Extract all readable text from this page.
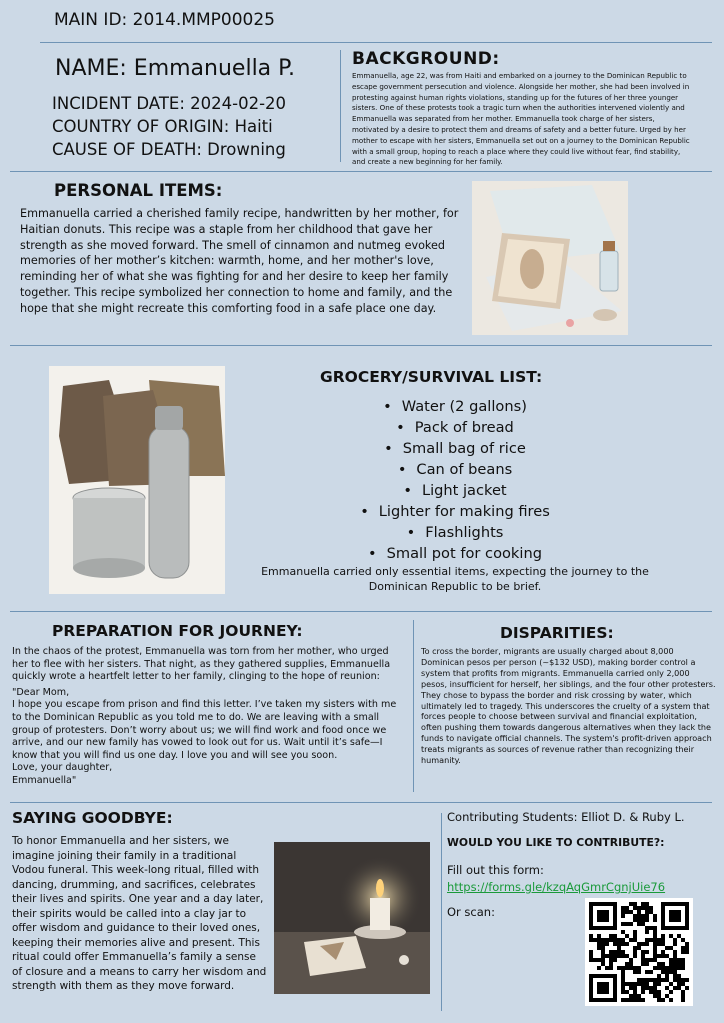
MAIN ID: 2014.MMP00025
NAME: Emmanuella P.
INCIDENT DATE: 2024-02-20
COUNTRY OF ORIGIN: Haiti
CAUSE OF DEATH: Drowning
BACKGROUND:
Emmanuella, age 22, was from Haiti and embarked on a journey to the Dominican Republic to escape government persecution and violence. Alongside her mother, she had been involved in protesting against human rights violations, standing up for the futures of her three younger sisters. One of these protests took a tragic turn when the authorities intervened violently and Emmanuella was separated from her mother. Emmanuella took charge of her sisters, motivated by a desire to protect them and dreams of safety and a better future. Urged by her mother to escape with her sisters, Emmanuella set out on a journey to the Dominican Republic with a small group, hoping to reach a place where they could live without fear, find stability, and create a new beginning for her family.
PERSONAL ITEMS:
Emmanuella carried a cherished family recipe, handwritten by her mother, for Haitian donuts. This recipe was a staple from her childhood that gave her strength as she moved forward. The smell of cinnamon and nutmeg evoked memories of her mother’s kitchen: warmth, home, and her mother's love, reminding her of what she was fighting for and her desire to keep her family together. This recipe symbolized her connection to home and family, and the hope that she might recreate this comforting food in a safe place one day.
GROCERY/SURVIVAL LIST:
• Water (2 gallons)
• Pack of bread
• Small bag of rice
• Can of beans
• Light jacket
• Lighter for making fires
• Flashlights
• Small pot for cooking
Emmanuella carried only essential items, expecting the journey to the Dominican Republic to be brief.
PREPARATION FOR JOURNEY:

In the chaos of the protest, Emmanuella was torn from her mother, who urged her to flee with her sisters. That night, as they gathered supplies, Emmanuella quickly wrote a heartfelt letter to her family, clinging to the hope of reunion:

"Dear Mom,
I hope you escape from prison and find this letter. I’ve taken my sisters with me to the Dominican Republic as you told me to do. We are leaving with a small group of protesters. Don’t worry about us; we will find work and food once we arrive, and our new family has vowed to look out for us. Wait until it’s safe—I know that you will find us one day. I love you and will see you soon.
Love, your daughter,
Emmanuella"
DISPARITIES:
To cross the border, migrants are usually charged about 8,000 Dominican pesos per person (~$132 USD), making border control a system that profits from migrants. Emmanuella carried only 2,000 pesos, insufficient for herself, her siblings, and the four other protesters. They chose to bypass the border and risk crossing by water, which ultimately led to tragedy. This underscores the cruelty of a system that forces people to choose between survival and financial exploitation, often pushing them towards dangerous alternatives when they lack the funds to navigate official channels. The system's profit-driven approach treats migrants as sources of revenue rather than recognizing their humanity.
SAYING GOODBYE:
To honor Emmanuella and her sisters, we imagine joining their family in a traditional Vodou funeral. This week-long ritual, filled with dancing, drumming, and sacrifices, celebrates their lives and spirits. One year and a day later, their spirits would be called into a clay jar to offer wisdom and guidance to their loved ones, keeping their memories alive and present. This ritual could offer Emmanuella’s family a sense of closure and a means to carry her wisdom and strength with them as they move forward.
Contributing Students: Elliot D. & Ruby L.
WOULD YOU LIKE TO CONTRIBUTE?:
Fill out this form:
https://forms.gle/kzqAqGmrCgnjUie76
Or scan:
